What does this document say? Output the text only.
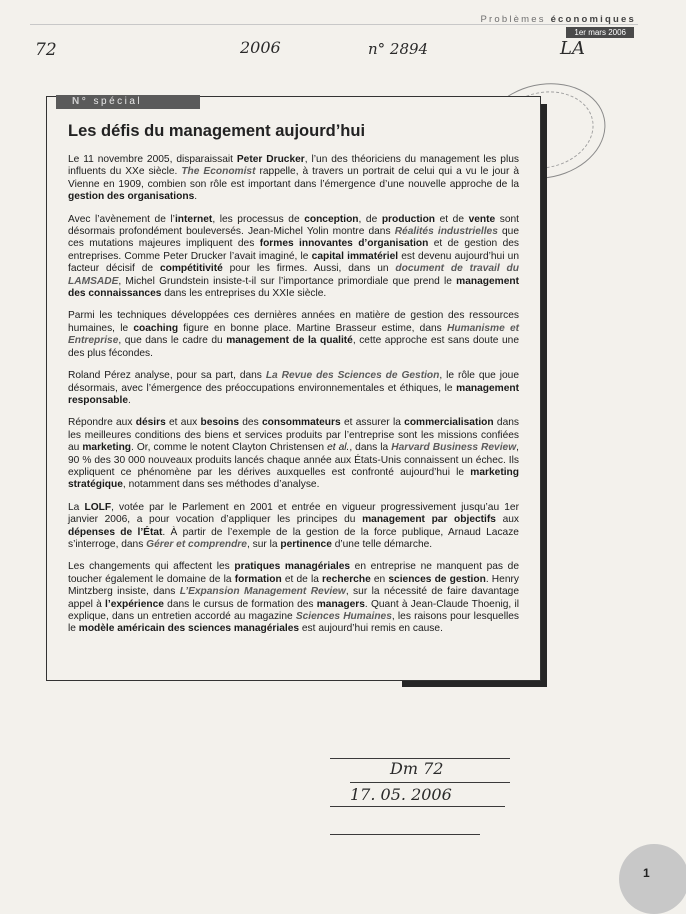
Problèmes économiques
1er mars 2006
72	2006	n° 2894	LA
N° spécial
Les défis du management aujourd’hui

Le 11 novembre 2005, disparaissait Peter Drucker, l’un des théoriciens du management les plus influents du XXe siècle. The Economist rappelle, à travers un portrait de celui qui a vu le jour à Vienne en 1909, combien son rôle est important dans l’émergence d’une nouvelle approche de la gestion des organisations.

Avec l’avènement de l’internet, les processus de conception, de production et de vente sont désormais profondément bouleversés. Jean-Michel Yolin montre dans Réalités industrielles que ces mutations majeures impliquent des formes innovantes d’organisation et de gestion des entreprises. Comme Peter Drucker l’avait imaginé, le capital immatériel est devenu aujourd’hui un facteur décisif de compétitivité pour les firmes. Aussi, dans un document de travail du LAMSADE, Michel Grundstein insiste-t-il sur l’importance primordiale que prend le management des connaissances dans les entreprises du XXIe siècle.

Parmi les techniques développées ces dernières années en matière de gestion des ressources humaines, le coaching figure en bonne place. Martine Brasseur estime, dans Humanisme et Entreprise, que dans le cadre du management de la qualité, cette approche est sans doute une des plus fécondes.

Roland Pérez analyse, pour sa part, dans La Revue des Sciences de Gestion, le rôle que joue désormais, avec l’émergence des préoccupations environnementales et éthiques, le management responsable.

Répondre aux désirs et aux besoins des consommateurs et assurer la commercialisation dans les meilleures conditions des biens et services produits par l’entreprise sont les missions confiées au marketing. Or, comme le notent Clayton Christensen et al., dans la Harvard Business Review, 90 % des 30 000 nouveaux produits lancés chaque année aux États-Unis connaissent un échec. Ils expliquent ce phénomène par les dérives auxquelles est confronté aujourd’hui le marketing stratégique, notamment dans ses méthodes d’analyse.

La LOLF, votée par le Parlement en 2001 et entrée en vigueur progressivement jusqu’au 1er janvier 2006, a pour vocation d’appliquer les principes du management par objectifs aux dépenses de l’État. À partir de l’exemple de la gestion de la force publique, Arnaud Lacaze s’interroge, dans Gérer et comprendre, sur la pertinence d’une telle démarche.

Les changements qui affectent les pratiques managériales en entreprise ne manquent pas de toucher également le domaine de la formation et de la recherche en sciences de gestion. Henry Mintzberg insiste, dans L’Expansion Management Review, sur la nécessité de faire davantage appel à l’expérience dans le cursus de formation des managers. Quant à Jean-Claude Thoenig, il explique, dans un entretien accordé au magazine Sciences Humaines, les raisons pour lesquelles le modèle américain des sciences managériales est aujourd’hui remis en cause.

Dm 72
17. 05. 2006
1
